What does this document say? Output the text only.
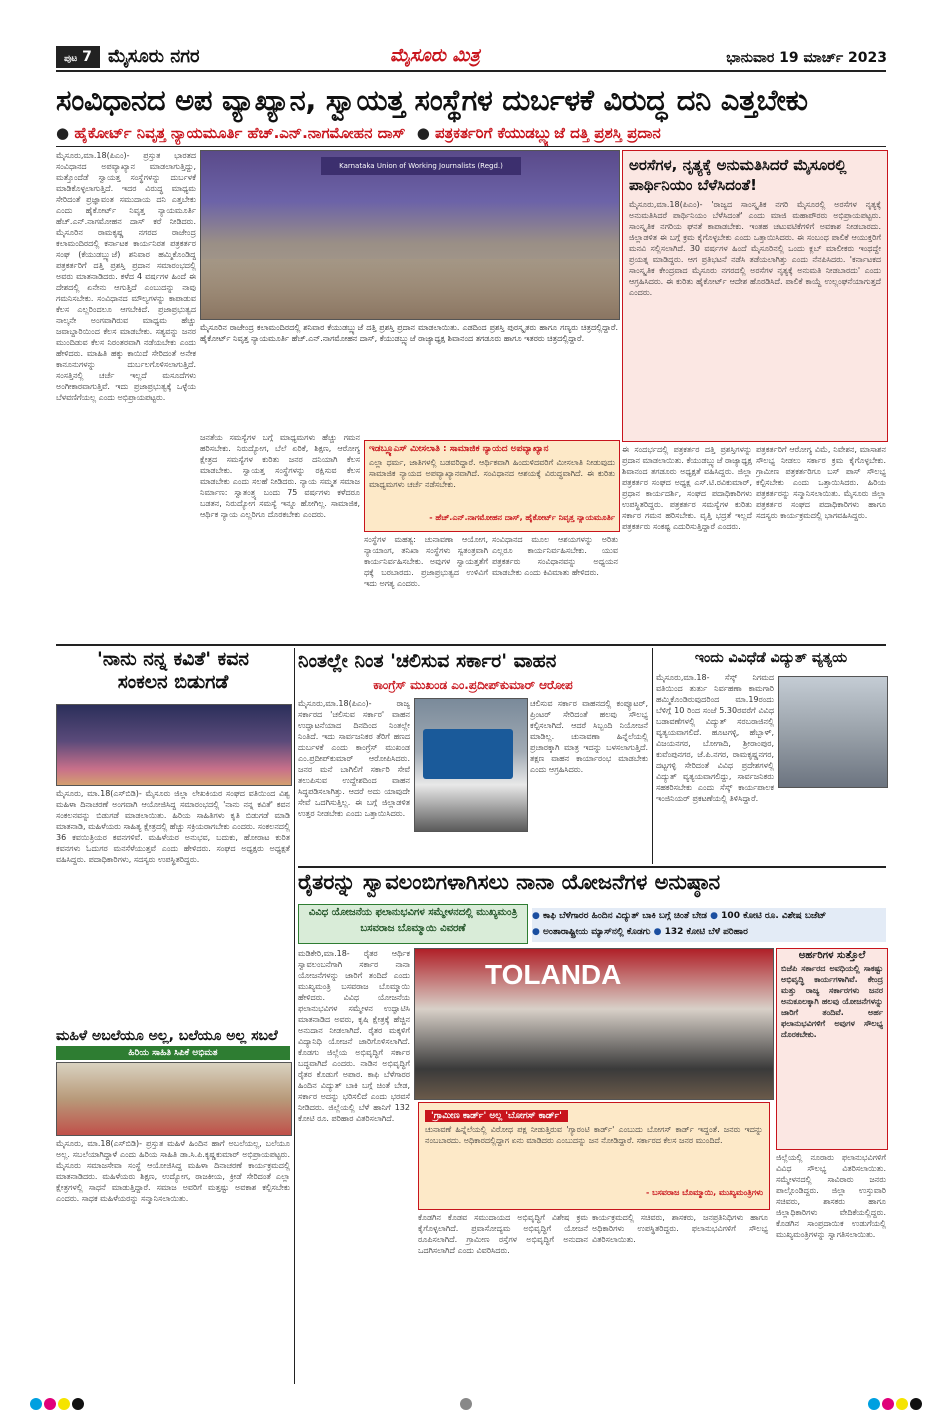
ಪುಟ 7 ಮೈಸೂರು ನಗರ	ಮೈಸೂರು ಮಿತ್ರ	ಭಾನುವಾರ 19 ಮಾರ್ಚ್ 2023
ಸಂವಿಧಾನದ ಅಪ ವ್ಯಾಖ್ಯಾನ, ಸ್ವಾಯತ್ತ ಸಂಸ್ಥೆಗಳ ದುರ್ಬಳಕೆ ವಿರುದ್ಧ ದನಿ ಎತ್ತಬೇಕು
● ಹೈಕೋರ್ಟ್ ನಿವೃತ್ತ ನ್ಯಾಯಮೂರ್ತಿ ಹೆಚ್.ಎನ್.ನಾಗಮೋಹನ ದಾಸ್ ● ಪತ್ರಕರ್ತರಿಗೆ ಕೆಯುಡಬ್ಲ್ಯುಜೆ ದತ್ತಿ ಪ್ರಶಸ್ತಿ ಪ್ರದಾನ
ಮೈಸೂರು,ಮಾ.18(ಪಿಎಂ)- ಪ್ರಸ್ತುತ ಭಾರತದ ಸಂವಿಧಾನದ ಅಪವ್ಯಾಖ್ಯಾನ ಮಾಡಲಾಗುತ್ತಿದ್ದು, ಮತ್ತೊಂದೆಡೆ ಸ್ವಾಯತ್ತ ಸಂಸ್ಥೆಗಳನ್ನು ದುರ್ಬಳಕೆ ಮಾಡಿಕೊಳ್ಳಲಾಗುತ್ತಿದೆ. ಇದರ ವಿರುದ್ಧ ಮಾಧ್ಯಮ ಸೇರಿದಂತೆ ಪ್ರಜ್ಞಾವಂತ ಸಮುದಾಯ ದನಿ ಎತ್ತಬೇಕು ಎಂದು ಹೈಕೋರ್ಟ್ ನಿವೃತ್ತ ನ್ಯಾಯಮೂರ್ತಿ ಹೆಚ್.ಎನ್.ನಾಗಮೋಹನ ದಾಸ್ ಕರೆ ನೀಡಿದರು. ಮೈಸೂರಿನ ರಾಮಕೃಷ್ಣ ನಗರದ ರಾಜೇಂದ್ರ ಕಲಾಮಂದಿರದಲ್ಲಿ ಕರ್ನಾಟಕ ಕಾರ್ಯನಿರತ ಪತ್ರಕರ್ತರ ಸಂಘ (ಕೆಯುಡಬ್ಲ್ಯುಜೆ) ಶನಿವಾರ ಹಮ್ಮಿಕೊಂಡಿದ್ದ ಪತ್ರಕರ್ತರಿಗೆ ದತ್ತಿ ಪ್ರಶಸ್ತಿ ಪ್ರದಾನ ಸಮಾರಂಭದಲ್ಲಿ ಅವರು ಮಾತನಾಡಿದರು. ಕಳೆದ 4 ವರ್ಷಗಳ ಹಿಂದೆ ಈ ದೇಶದಲ್ಲಿ ಏನೇನು ಆಗುತ್ತಿದೆ ಎಂಬುದನ್ನು ನಾವು ಗಮನಿಸಬೇಕು. ಸಂವಿಧಾನದ ಮೌಲ್ಯಗಳನ್ನು ಕಾಪಾಡುವ ಕೆಲಸ ಎಲ್ಲರಿಂದಲೂ ಆಗಬೇಕಿದೆ. ಪ್ರಜಾಪ್ರಭುತ್ವದ ನಾಲ್ಕನೇ ಅಂಗವಾಗಿರುವ ಮಾಧ್ಯಮ ಹೆಚ್ಚು ಜವಾಬ್ದಾರಿಯಿಂದ ಕೆಲಸ ಮಾಡಬೇಕು. ಸತ್ಯವನ್ನು ಜನರ ಮುಂದಿಡುವ ಕೆಲಸ ನಿರಂತರವಾಗಿ ನಡೆಯಬೇಕು ಎಂದು ಹೇಳಿದರು. ಮಾಹಿತಿ ಹಕ್ಕು ಕಾಯಿದೆ ಸೇರಿದಂತೆ ಅನೇಕ ಕಾನೂನುಗಳನ್ನು ದುರ್ಬಲಗೊಳಿಸಲಾಗುತ್ತಿದೆ. ಸಂಸತ್ತಿನಲ್ಲಿ ಚರ್ಚೆ ಇಲ್ಲದೆ ಮಸೂದೆಗಳು ಅಂಗೀಕಾರವಾಗುತ್ತಿವೆ. ಇದು ಪ್ರಜಾಪ್ರಭುತ್ವಕ್ಕೆ ಒಳ್ಳೆಯ ಬೆಳವಣಿಗೆಯಲ್ಲ ಎಂದು ಅಭಿಪ್ರಾಯಪಟ್ಟರು.
Karnataka Union of Working Journalists (Regd.)
ಮೈಸೂರಿನ ರಾಜೇಂದ್ರ ಕಲಾಮಂದಿರದಲ್ಲಿ ಶನಿವಾರ ಕೆಯುಡಬ್ಲ್ಯುಜೆ ದತ್ತಿ ಪ್ರಶಸ್ತಿ ಪ್ರದಾನ ಮಾಡಲಾಯಿತು. ಎಡದಿಂದ ಪ್ರಶಸ್ತಿ ಪುರಸ್ಕೃತರು ಹಾಗೂ ಗಣ್ಯರು ಚಿತ್ರದಲ್ಲಿದ್ದಾರೆ. ಹೈಕೋರ್ಟ್ ನಿವೃತ್ತ ನ್ಯಾಯಮೂರ್ತಿ ಹೆಚ್.ಎನ್.ನಾಗಮೋಹನ ದಾಸ್, ಕೆಯುಡಬ್ಲ್ಯುಜೆ ರಾಜ್ಯಾಧ್ಯಕ್ಷ ಶಿವಾನಂದ ತಗಡೂರು ಹಾಗೂ ಇತರರು ಚಿತ್ರದಲ್ಲಿದ್ದಾರೆ.
ಅರಸೆಗಳ, ನೃತ್ಯಕ್ಕೆ ಅನುಮತಿಸಿದರೆ ಮೈಸೂರಲ್ಲಿ ಪಾರ್ಥಿನಿಯಂ ಬೆಳೆಸಿದಂತೆ!
ಮೈಸೂರು,ಮಾ.18(ಪಿಎಂ)- 'ರಾಜ್ಯದ ಸಾಂಸ್ಕೃತಿಕ ನಗರಿ ಮೈಸೂರಲ್ಲಿ ಅರಸೆಗಳ ನೃತ್ಯಕ್ಕೆ ಅನುಮತಿಸಿದರೆ ಪಾರ್ಥಿನಿಯಂ ಬೆಳೆಸಿದಂತೆ' ಎಂದು ಮಾಜಿ ಮಹಾಪೌರರು ಅಭಿಪ್ರಾಯಪಟ್ಟರು. ಸಾಂಸ್ಕೃತಿಕ ನಗರಿಯ ಘನತೆ ಕಾಪಾಡಬೇಕು. ಇಂತಹ ಚಟುವಟಿಕೆಗಳಿಗೆ ಅವಕಾಶ ನೀಡಬಾರದು. ಜಿಲ್ಲಾಡಳಿತ ಈ ಬಗ್ಗೆ ಕ್ರಮ ಕೈಗೊಳ್ಳಬೇಕು ಎಂದು ಒತ್ತಾಯಿಸಿದರು. ಈ ಸಂಬಂಧ ಪಾಲಿಕೆ ಆಯುಕ್ತರಿಗೆ ಮನವಿ ಸಲ್ಲಿಸಲಾಗಿದೆ. 30 ವರ್ಷಗಳ ಹಿಂದೆ ಮೈಸೂರಿನಲ್ಲಿ ಒಂದು ಕ್ಲಬ್ ಮಾಲೀಕರು ಇಂಥದ್ದೇ ಪ್ರಯತ್ನ ಮಾಡಿದ್ದರು. ಆಗ ಪ್ರತಿಭಟನೆ ನಡೆಸಿ ತಡೆಯಲಾಗಿತ್ತು ಎಂದು ನೆನಪಿಸಿದರು. 'ಕರ್ನಾಟಕದ ಸಾಂಸ್ಕೃತಿಕ ಕೇಂದ್ರವಾದ ಮೈಸೂರು ನಗರದಲ್ಲಿ ಅರಸೆಗಳ ನೃತ್ಯಕ್ಕೆ ಅನುಮತಿ ನೀಡಬಾರದು' ಎಂದು ಆಗ್ರಹಿಸಿದರು. ಈ ಕುರಿತು ಹೈಕೋರ್ಟ್ ಆದೇಶ ಹೊರಡಿಸಿದೆ. ಪಾಲಿಕೆ ಕಾಯ್ದೆ ಉಲ್ಲಂಘನೆಯಾಗುತ್ತದೆ ಎಂದರು.
ಜನತೆಯ ಸಮಸ್ಯೆಗಳ ಬಗ್ಗೆ ಮಾಧ್ಯಮಗಳು ಹೆಚ್ಚು ಗಮನ ಹರಿಸಬೇಕು. ನಿರುದ್ಯೋಗ, ಬೆಲೆ ಏರಿಕೆ, ಶಿಕ್ಷಣ, ಆರೋಗ್ಯ ಕ್ಷೇತ್ರದ ಸಮಸ್ಯೆಗಳ ಕುರಿತು ಜನರ ದನಿಯಾಗಿ ಕೆಲಸ ಮಾಡಬೇಕು. ಸ್ವಾಯತ್ತ ಸಂಸ್ಥೆಗಳನ್ನು ರಕ್ಷಿಸುವ ಕೆಲಸ ಮಾಡಬೇಕು ಎಂದು ಸಲಹೆ ನೀಡಿದರು. ನ್ಯಾಯ ಸಮ್ಮತ ಸಮಾಜ ನಿರ್ಮಾಣ: ಸ್ವಾತಂತ್ರ್ಯ ಬಂದು 75 ವರ್ಷಗಳು ಕಳೆದರೂ ಬಡತನ, ನಿರುದ್ಯೋಗ ಸಮಸ್ಯೆ ಇನ್ನೂ ಹೋಗಿಲ್ಲ. ಸಾಮಾಜಿಕ, ಆರ್ಥಿಕ ನ್ಯಾಯ ಎಲ್ಲರಿಗೂ ದೊರಕಬೇಕು ಎಂದರು.
ಇಡಬ್ಲ್ಯೂಎಸ್ ಮೀಸಲಾತಿ : ಸಾಮಾಜಿಕ ನ್ಯಾಯದ ಅಪವ್ಯಾಖ್ಯಾನ
ಎಲ್ಲಾ ಧರ್ಮ, ಜಾತಿಗಳಲ್ಲಿ ಬಡವರಿದ್ದಾರೆ. ಆರ್ಥಿಕವಾಗಿ ಹಿಂದುಳಿದವರಿಗೆ ಮೀಸಲಾತಿ ನೀಡುವುದು ಸಾಮಾಜಿಕ ನ್ಯಾಯದ ಅಪವ್ಯಾಖ್ಯಾನವಾಗಿದೆ. ಸಂವಿಧಾನದ ಆಶಯಕ್ಕೆ ವಿರುದ್ಧವಾಗಿದೆ. ಈ ಕುರಿತು ಮಾಧ್ಯಮಗಳು ಚರ್ಚೆ ನಡೆಸಬೇಕು.
- ಹೆಚ್.ಎನ್.ನಾಗಮೋಹನ ದಾಸ್, ಹೈಕೋರ್ಟ್ ನಿವೃತ್ತ ನ್ಯಾಯಮೂರ್ತಿ
ಸಂಸ್ಥೆಗಳ ಮಹತ್ವ: ಚುನಾವಣಾ ಆಯೋಗ, ನ್ಯಾಯಾಂಗ, ತನಿಖಾ ಸಂಸ್ಥೆಗಳು ಸ್ವತಂತ್ರವಾಗಿ ಕಾರ್ಯನಿರ್ವಹಿಸಬೇಕು. ಅವುಗಳ ಸ್ವಾಯತ್ತತೆಗೆ ಧಕ್ಕೆ ಬರಬಾರದು. ಪ್ರಜಾಪ್ರಭುತ್ವದ ಉಳಿವಿಗೆ ಇದು ಅಗತ್ಯ ಎಂದರು.
ಸಂವಿಧಾನದ ಮೂಲ ಆಶಯಗಳನ್ನು ಅರಿತು ಎಲ್ಲರೂ ಕಾರ್ಯನಿರ್ವಹಿಸಬೇಕು. ಯುವ ಪತ್ರಕರ್ತರು ಸಂವಿಧಾನವನ್ನು ಅಧ್ಯಯನ ಮಾಡಬೇಕು ಎಂದು ಕಿವಿಮಾತು ಹೇಳಿದರು.
ಈ ಸಂದರ್ಭದಲ್ಲಿ ಪತ್ರಕರ್ತರ ದತ್ತಿ ಪ್ರಶಸ್ತಿಗಳನ್ನು ಪ್ರದಾನ ಮಾಡಲಾಯಿತು. ಕೆಯುಡಬ್ಲ್ಯುಜೆ ರಾಜ್ಯಾಧ್ಯಕ್ಷ ಶಿವಾನಂದ ತಗಡೂರು ಅಧ್ಯಕ್ಷತೆ ವಹಿಸಿದ್ದರು. ಜಿಲ್ಲಾ ಪತ್ರಕರ್ತರ ಸಂಘದ ಅಧ್ಯಕ್ಷ ಎಸ್.ಟಿ.ರವಿಕುಮಾರ್, ಪ್ರಧಾನ ಕಾರ್ಯದರ್ಶಿ, ಸಂಘದ ಪದಾಧಿಕಾರಿಗಳು ಉಪಸ್ಥಿತರಿದ್ದರು. ಪತ್ರಕರ್ತರ ಸಮಸ್ಯೆಗಳ ಕುರಿತು ಸರ್ಕಾರ ಗಮನ ಹರಿಸಬೇಕು. ವೃತ್ತಿ ಭದ್ರತೆ ಇಲ್ಲದೆ ಪತ್ರಕರ್ತರು ಸಂಕಷ್ಟ ಎದುರಿಸುತ್ತಿದ್ದಾರೆ ಎಂದರು.
ಪತ್ರಕರ್ತರಿಗೆ ಆರೋಗ್ಯ ವಿಮೆ, ನಿವೇಶನ, ಮಾಸಾಶನ ಸೌಲಭ್ಯ ನೀಡಲು ಸರ್ಕಾರ ಕ್ರಮ ಕೈಗೊಳ್ಳಬೇಕು. ಗ್ರಾಮೀಣ ಪತ್ರಕರ್ತರಿಗೂ ಬಸ್ ಪಾಸ್ ಸೌಲಭ್ಯ ಕಲ್ಪಿಸಬೇಕು ಎಂದು ಒತ್ತಾಯಿಸಿದರು. ಹಿರಿಯ ಪತ್ರಕರ್ತರನ್ನು ಸನ್ಮಾನಿಸಲಾಯಿತು. ಮೈಸೂರು ಜಿಲ್ಲಾ ಪತ್ರಕರ್ತರ ಸಂಘದ ಪದಾಧಿಕಾರಿಗಳು ಹಾಗೂ ಸದಸ್ಯರು ಕಾರ್ಯಕ್ರಮದಲ್ಲಿ ಭಾಗವಹಿಸಿದ್ದರು.
'ನಾನು ನನ್ನ ಕವಿತೆ' ಕವನ
ಸಂಕಲನ ಬಿಡುಗಡೆ
ಮೈಸೂರು, ಮಾ.18(ಎಸ್‌ಬಿಡಿ)- ಮೈಸೂರು ಜಿಲ್ಲಾ ಲೇಖಕಿಯರ ಸಂಘದ ವತಿಯಿಂದ ವಿಶ್ವ ಮಹಿಳಾ ದಿನಾಚರಣೆ ಅಂಗವಾಗಿ ಆಯೋಜಿಸಿದ್ದ ಸಮಾರಂಭದಲ್ಲಿ 'ನಾನು ನನ್ನ ಕವಿತೆ' ಕವನ ಸಂಕಲನವನ್ನು ಬಿಡುಗಡೆ ಮಾಡಲಾಯಿತು. ಹಿರಿಯ ಸಾಹಿತಿಗಳು ಕೃತಿ ಬಿಡುಗಡೆ ಮಾಡಿ ಮಾತನಾಡಿ, ಮಹಿಳೆಯರು ಸಾಹಿತ್ಯ ಕ್ಷೇತ್ರದಲ್ಲಿ ಹೆಚ್ಚು ಸಕ್ರಿಯರಾಗಬೇಕು ಎಂದರು. ಸಂಕಲನದಲ್ಲಿ 36 ಕವಯಿತ್ರಿಯರ ಕವನಗಳಿವೆ. ಮಹಿಳೆಯರ ಅನುಭವ, ಬದುಕು, ಹೋರಾಟ ಕುರಿತ ಕವನಗಳು ಓದುಗರ ಮನಸೆಳೆಯುತ್ತವೆ ಎಂದು ಹೇಳಿದರು. ಸಂಘದ ಅಧ್ಯಕ್ಷರು ಅಧ್ಯಕ್ಷತೆ ವಹಿಸಿದ್ದರು. ಪದಾಧಿಕಾರಿಗಳು, ಸದಸ್ಯರು ಉಪಸ್ಥಿತರಿದ್ದರು.
ಮಹಿಳೆ ಅಬಲೆಯೂ ಅಲ್ಲ, ಬಲೆಯೂ ಅಲ್ಲ ಸಬಲೆ
ಹಿರಿಯ ಸಾಹಿತಿ ಸಿಪಿಕೆ ಅಭಿಮತ
ಮೈಸೂರು, ಮಾ.18(ಎಸ್‌ಬಿಡಿ)- ಪ್ರಸ್ತುತ ಮಹಿಳೆ ಹಿಂದಿನ ಹಾಗೆ ಅಬಲೆಯಲ್ಲ, ಬಲೆಯೂ ಅಲ್ಲ. ಸಬಲೆಯಾಗಿದ್ದಾಳೆ ಎಂದು ಹಿರಿಯ ಸಾಹಿತಿ ಡಾ.ಸಿ.ಪಿ.ಕೃಷ್ಣಕುಮಾರ್ ಅಭಿಪ್ರಾಯಪಟ್ಟರು. ಮೈಸೂರು ಸಮಾಜಸೇವಾ ಸಂಸ್ಥೆ ಆಯೋಜಿಸಿದ್ದ ಮಹಿಳಾ ದಿನಾಚರಣೆ ಕಾರ್ಯಕ್ರಮದಲ್ಲಿ ಮಾತನಾಡಿದರು. ಮಹಿಳೆಯರು ಶಿಕ್ಷಣ, ಉದ್ಯೋಗ, ರಾಜಕೀಯ, ಕ್ರೀಡೆ ಸೇರಿದಂತೆ ಎಲ್ಲಾ ಕ್ಷೇತ್ರಗಳಲ್ಲಿ ಸಾಧನೆ ಮಾಡುತ್ತಿದ್ದಾರೆ. ಸಮಾಜ ಅವರಿಗೆ ಮತ್ತಷ್ಟು ಅವಕಾಶ ಕಲ್ಪಿಸಬೇಕು ಎಂದರು. ಸಾಧಕ ಮಹಿಳೆಯರನ್ನು ಸನ್ಮಾನಿಸಲಾಯಿತು.
ನಿಂತಲ್ಲೇ ನಿಂತ 'ಚಲಿಸುವ ಸರ್ಕಾರ' ವಾಹನ
ಕಾಂಗ್ರೆಸ್ ಮುಖಂಡ ಎಂ.ಪ್ರದೀಪ್‌ಕುಮಾರ್ ಆರೋಪ
ಮೈಸೂರು,ಮಾ.18(ಪಿಎಂ)- ರಾಜ್ಯ ಸರ್ಕಾರದ 'ಚಲಿಸುವ ಸರ್ಕಾರ' ವಾಹನ ಉದ್ಘಾಟನೆಯಾದ ದಿನದಿಂದ ನಿಂತಲ್ಲೇ ನಿಂತಿದೆ. ಇದು ಸಾರ್ವಜನಿಕರ ತೆರಿಗೆ ಹಣದ ದುರ್ಬಳಕೆ ಎಂದು ಕಾಂಗ್ರೆಸ್ ಮುಖಂಡ ಎಂ.ಪ್ರದೀಪ್‌ಕುಮಾರ್ ಆರೋಪಿಸಿದರು. ಜನರ ಮನೆ ಬಾಗಿಲಿಗೆ ಸರ್ಕಾರಿ ಸೇವೆ ತಲುಪಿಸುವ ಉದ್ದೇಶದಿಂದ ವಾಹನ ಸಿದ್ಧಪಡಿಸಲಾಗಿತ್ತು. ಆದರೆ ಅದು ಯಾವುದೇ ಸೇವೆ ಒದಗಿಸುತ್ತಿಲ್ಲ. ಈ ಬಗ್ಗೆ ಜಿಲ್ಲಾಡಳಿತ ಉತ್ತರ ನೀಡಬೇಕು ಎಂದು ಒತ್ತಾಯಿಸಿದರು.
ಚಲಿಸುವ ಸರ್ಕಾರ ವಾಹನದಲ್ಲಿ ಕಂಪ್ಯೂಟರ್, ಪ್ರಿಂಟರ್ ಸೇರಿದಂತೆ ಹಲವು ಸೌಲಭ್ಯ ಕಲ್ಪಿಸಲಾಗಿದೆ. ಆದರೆ ಸಿಬ್ಬಂದಿ ನಿಯೋಜನೆ ಮಾಡಿಲ್ಲ. ಚುನಾವಣಾ ಹಿನ್ನೆಲೆಯಲ್ಲಿ ಪ್ರಚಾರಕ್ಕಾಗಿ ಮಾತ್ರ ಇದನ್ನು ಬಳಸಲಾಗುತ್ತಿದೆ. ತಕ್ಷಣ ವಾಹನ ಕಾರ್ಯಾರಂಭ ಮಾಡಬೇಕು ಎಂದು ಆಗ್ರಹಿಸಿದರು.
ಇಂದು ವಿವಿಧೆಡೆ ವಿದ್ಯುತ್ ವ್ಯತ್ಯಯ
ಮೈಸೂರು,ಮಾ.18- ಸೆಸ್ಕ್ ನಿಗಮದ ವತಿಯಿಂದ ತುರ್ತು ನಿರ್ವಹಣಾ ಕಾಮಗಾರಿ ಹಮ್ಮಿಕೊಂಡಿರುವುದರಿಂದ ಮಾ.19ರಂದು ಬೆಳಿಗ್ಗೆ 10 ರಿಂದ ಸಂಜೆ 5.30ರವರೆಗೆ ವಿವಿಧ ಬಡಾವಣೆಗಳಲ್ಲಿ ವಿದ್ಯುತ್ ಸರಬರಾಜಿನಲ್ಲಿ ವ್ಯತ್ಯಯವಾಗಲಿದೆ. ಹೂಟಗಳ್ಳಿ, ಹೆಬ್ಬಾಳ್, ವಿಜಯನಗರ, ಬೋಗಾದಿ, ಶ್ರೀರಾಂಪುರ, ಕುವೆಂಪುನಗರ, ಜೆ.ಪಿ.ನಗರ, ರಾಮಕೃಷ್ಣನಗರ, ದಟ್ಟಗಳ್ಳಿ ಸೇರಿದಂತೆ ವಿವಿಧ ಪ್ರದೇಶಗಳಲ್ಲಿ ವಿದ್ಯುತ್ ವ್ಯತ್ಯಯವಾಗಲಿದ್ದು, ಸಾರ್ವಜನಿಕರು ಸಹಕರಿಸಬೇಕು ಎಂದು ಸೆಸ್ಕ್ ಕಾರ್ಯಪಾಲಕ ಇಂಜಿನಿಯರ್ ಪ್ರಕಟಣೆಯಲ್ಲಿ ತಿಳಿಸಿದ್ದಾರೆ.
ರೈತರನ್ನು ಸ್ವಾವಲಂಬಿಗಳಾಗಿಸಲು ನಾನಾ ಯೋಜನೆಗಳ ಅನುಷ್ಠಾನ
ವಿವಿಧ ಯೋಜನೆಯ ಫಲಾನುಭವಿಗಳ ಸಮ್ಮೇಳನದಲ್ಲಿ ಮುಖ್ಯಮಂತ್ರಿ ಬಸವರಾಜ ಬೊಮ್ಮಾಯಿ ವಿವರಣೆ
● ಕಾಫಿ ಬೆಳೆಗಾರರ ಹಿಂದಿನ ವಿದ್ಯುತ್ ಬಾಕಿ ಬಗ್ಗೆ ಚಿಂತೆ ಬೇಡ ● 100 ಕೋಟಿ ರೂ. ವಿಶೇಷ ಬಜೆಟ್
● ಅಂತಾರಾಷ್ಟ್ರೀಯ ಮ್ಯಾಸ್‌ನಲ್ಲಿ ಕೊಡಗು ● 132 ಕೋಟಿ ಬೆಳೆ ಪರಿಹಾರ
ಮಡಿಕೇರಿ,ಮಾ.18- ರೈತರ ಆರ್ಥಿಕ ಸ್ವಾವಲಂಬನೆಗಾಗಿ ಸರ್ಕಾರ ನಾನಾ ಯೋಜನೆಗಳನ್ನು ಜಾರಿಗೆ ತಂದಿದೆ ಎಂದು ಮುಖ್ಯಮಂತ್ರಿ ಬಸವರಾಜ ಬೊಮ್ಮಾಯಿ ಹೇಳಿದರು. ವಿವಿಧ ಯೋಜನೆಯ ಫಲಾನುಭವಿಗಳ ಸಮ್ಮೇಳನ ಉದ್ಘಾಟಿಸಿ ಮಾತನಾಡಿದ ಅವರು, ಕೃಷಿ ಕ್ಷೇತ್ರಕ್ಕೆ ಹೆಚ್ಚಿನ ಅನುದಾನ ನೀಡಲಾಗಿದೆ. ರೈತರ ಮಕ್ಕಳಿಗೆ ವಿದ್ಯಾನಿಧಿ ಯೋಜನೆ ಜಾರಿಗೊಳಿಸಲಾಗಿದೆ. ಕೊಡಗು ಜಿಲ್ಲೆಯ ಅಭಿವೃದ್ಧಿಗೆ ಸರ್ಕಾರ ಬದ್ಧವಾಗಿದೆ ಎಂದರು. ನಾಡಿನ ಅಭಿವೃದ್ಧಿಗೆ ರೈತರ ಕೊಡುಗೆ ಅಪಾರ. ಕಾಫಿ ಬೆಳೆಗಾರರ ಹಿಂದಿನ ವಿದ್ಯುತ್ ಬಾಕಿ ಬಗ್ಗೆ ಚಿಂತೆ ಬೇಡ, ಸರ್ಕಾರ ಅದನ್ನು ಭರಿಸಲಿದೆ ಎಂದು ಭರವಸೆ ನೀಡಿದರು. ಜಿಲ್ಲೆಯಲ್ಲಿ ಬೆಳೆ ಹಾನಿಗೆ 132 ಕೋಟಿ ರೂ. ಪರಿಹಾರ ವಿತರಿಸಲಾಗಿದೆ.
TOLANDA
'ಗ್ರಾಮೀಣ ಕಾರ್ಡ್' ಅಲ್ಲ 'ಬೋಗಸ್ ಕಾರ್ಡ್'
ಚುನಾವಣೆ ಹಿನ್ನೆಲೆಯಲ್ಲಿ ವಿರೋಧ ಪಕ್ಷ ನೀಡುತ್ತಿರುವ 'ಗ್ಯಾರಂಟಿ ಕಾರ್ಡ್' ಎಂಬುದು ಬೋಗಸ್ ಕಾರ್ಡ್ ಇದ್ದಂತೆ. ಜನರು ಇದನ್ನು ನಂಬಬಾರದು. ಅಧಿಕಾರದಲ್ಲಿದ್ದಾಗ ಏನು ಮಾಡಿದರು ಎಂಬುದನ್ನು ಜನ ನೋಡಿದ್ದಾರೆ. ಸರ್ಕಾರದ ಕೆಲಸ ಜನರ ಮುಂದಿದೆ.
- ಬಸವರಾಜ ಬೊಮ್ಮಾಯಿ, ಮುಖ್ಯಮಂತ್ರಿಗಳು
ಕೊಡಗಿನ ಕೊಡವ ಸಮುದಾಯದ ಅಭಿವೃದ್ಧಿಗೆ ವಿಶೇಷ ಕ್ರಮ ಕೈಗೊಳ್ಳಲಾಗಿದೆ. ಪ್ರವಾಸೋದ್ಯಮ ಅಭಿವೃದ್ಧಿಗೆ ಯೋಜನೆ ರೂಪಿಸಲಾಗಿದೆ. ಗ್ರಾಮೀಣ ರಸ್ತೆಗಳ ಅಭಿವೃದ್ಧಿಗೆ ಅನುದಾನ ಒದಗಿಸಲಾಗಿದೆ ಎಂದು ವಿವರಿಸಿದರು.
ಕಾರ್ಯಕ್ರಮದಲ್ಲಿ ಸಚಿವರು, ಶಾಸಕರು, ಜನಪ್ರತಿನಿಧಿಗಳು ಹಾಗೂ ಅಧಿಕಾರಿಗಳು ಉಪಸ್ಥಿತರಿದ್ದರು. ಫಲಾನುಭವಿಗಳಿಗೆ ಸೌಲಭ್ಯ ವಿತರಿಸಲಾಯಿತು.
ಅರ್ಹರಿಗಳ ಸುತ್ತೊಲೆ
ಬಿಜೆಪಿ ಸರ್ಕಾರದ ಅವಧಿಯಲ್ಲಿ ಸಾಕಷ್ಟು ಅಭಿವೃದ್ಧಿ ಕಾರ್ಯಗಳಾಗಿವೆ. ಕೇಂದ್ರ ಮತ್ತು ರಾಜ್ಯ ಸರ್ಕಾರಗಳು ಜನರ ಅನುಕೂಲಕ್ಕಾಗಿ ಹಲವು ಯೋಜನೆಗಳನ್ನು ಜಾರಿಗೆ ತಂದಿವೆ. ಅರ್ಹ ಫಲಾನುಭವಿಗಳಿಗೆ ಅವುಗಳ ಸೌಲಭ್ಯ ದೊರಕಬೇಕು.
ಜಿಲ್ಲೆಯಲ್ಲಿ ನೂರಾರು ಫಲಾನುಭವಿಗಳಿಗೆ ವಿವಿಧ ಸೌಲಭ್ಯ ವಿತರಿಸಲಾಯಿತು. ಸಮ್ಮೇಳನದಲ್ಲಿ ಸಾವಿರಾರು ಜನರು ಪಾಲ್ಗೊಂಡಿದ್ದರು. ಜಿಲ್ಲಾ ಉಸ್ತುವಾರಿ ಸಚಿವರು, ಶಾಸಕರು ಹಾಗೂ ಜಿಲ್ಲಾಧಿಕಾರಿಗಳು ವೇದಿಕೆಯಲ್ಲಿದ್ದರು. ಕೊಡಗಿನ ಸಾಂಪ್ರದಾಯಿಕ ಉಡುಗೆಯಲ್ಲಿ ಮುಖ್ಯಮಂತ್ರಿಗಳನ್ನು ಸ್ವಾಗತಿಸಲಾಯಿತು.
